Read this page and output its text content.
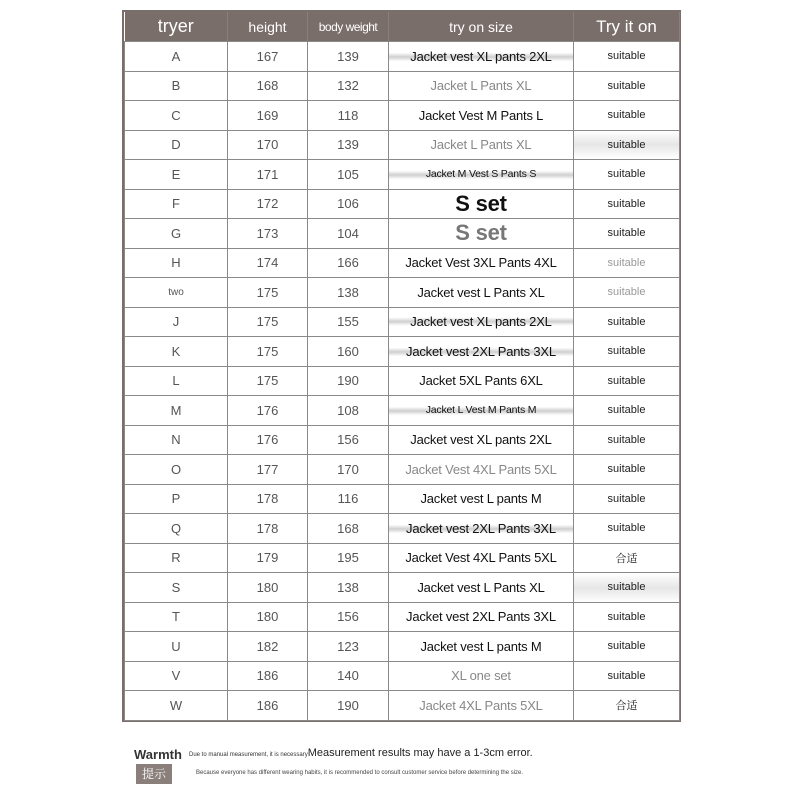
tryer	height	body weight	try on size	Try it on
A	167	139	Jacket vest XL pants 2XL	suitable
B	168	132	Jacket L Pants XL	suitable
C	169	118	Jacket Vest M Pants L	suitable
D	170	139	Jacket L Pants XL	suitable
E	171	105	Jacket M Vest S Pants S	suitable
F	172	106	S set	suitable
G	173	104	S set	suitable
H	174	166	Jacket Vest 3XL Pants 4XL	suitable
two	175	138	Jacket vest L Pants XL	suitable
J	175	155	Jacket vest XL pants 2XL	suitable
K	175	160	Jacket vest 2XL Pants 3XL	suitable
L	175	190	Jacket 5XL Pants 6XL	suitable
M	176	108	Jacket L Vest M Pants M	suitable
N	176	156	Jacket vest XL pants 2XL	suitable
O	177	170	Jacket Vest 4XL Pants 5XL	suitable
P	178	116	Jacket vest L pants M	suitable
Q	178	168	Jacket vest 2XL Pants 3XL	suitable
R	179	195	Jacket Vest 4XL Pants 5XL	合适
S	180	138	Jacket vest L Pants XL	suitable
T	180	156	Jacket vest 2XL Pants 3XL	suitable
U	182	123	Jacket vest L pants M	suitable
V	186	140	XL one set	suitable
W	186	190	Jacket 4XL Pants 5XL	合适
Warmth
提示
Due to manual measurement, it is necessaryMeasurement results may have a 1-3cm error.
Because everyone has different wearing habits, it is recommended to consult customer service before determining the size.
